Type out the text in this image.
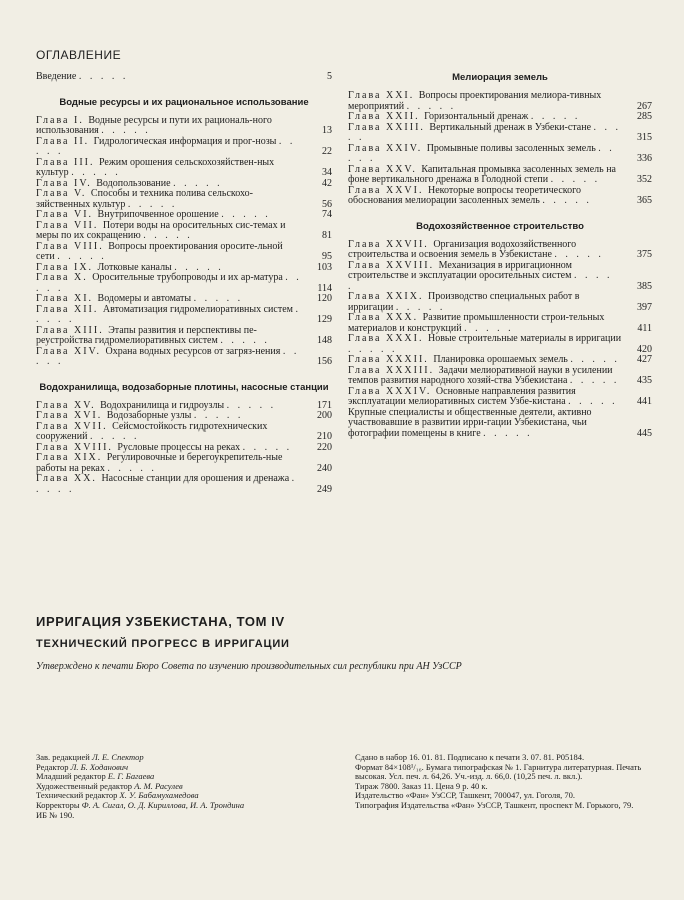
ОГЛАВЛЕНИЕ
Введение . . . . .	5
Водные ресурсы и их рациональное использование
Глава I. Водные ресурсы и пути их рациональ-ного использования . . . . .	13
Глава II. Гидрологическая информация и прог-нозы . . . . .	22
Глава III. Режим орошения сельскохозяйствен-ных культур . . . . .	34
Глава IV. Водопользование . . . . .	42
Глава V. Способы и техника полива сельскохо-зяйственных культур . . . . .	56
Глава VI. Внутрипочвенное орошение . . . . .	74
Глава VII. Потери воды на оросительных сис-темах и меры по их сокращению . . . . .	81
Глава VIII. Вопросы проектирования оросите-льной сети . . . . .	95
Глава IX. Лотковые каналы . . . . .	103
Глава X. Оросительные трубопроводы и их ар-матура . . . . .	114
Глава XI. Водомеры и автоматы . . . . .	120
Глава XII. Автоматизация гидромелиоративных систем . . . . .	129
Глава XIII. Этапы развития и перспективы пе-реустройства гидромелиоративных систем . . . . .	148
Глава XIV. Охрана водных ресурсов от загряз-нения . . . . .	156
Водохранилища, водозаборные плотины, насосные станции
Глава XV. Водохранилища и гидроузлы . . . . .	171
Глава XVI. Водозаборные узлы . . . . .	200
Глава XVII. Сейсмостойкость гидротехнических сооружений . . . . .	210
Глава XVIII. Русловые процессы на реках . . . . .	220
Глава XIX. Регулировочные и берегоукрепитель-ные работы на реках . . . . .	240
Глава XX. Насосные станции для орошения и дренажа . . . . .	249
Мелиорация земель
Глава XXI. Вопросы проектирования мелиора-тивных мероприятий . . . . .	267
Глава XXII. Горизонтальный дренаж . . . . .	285
Глава XXIII. Вертикальный дренаж в Узбеки-стане . . . . .	315
Глава XXIV. Промывные поливы засоленных земель . . . . .	336
Глава XXV. Капитальная промывка засоленных земель на фоне вертикального дренажа в Голодной степи . . . . .	352
Глава XXVI. Некоторые вопросы теоретического обоснования мелиорации засоленных земель . . . . .	365
Водохозяйственное строительство
Глава XXVII. Организация водохозяйственного строительства и освоения земель в Узбекистане . . . . .	375
Глава XXVIII. Механизация в ирригационном строительстве и эксплуатации оросительных систем . . . . .	385
Глава XXIX. Производство специальных работ в ирригации . . . . .	397
Глава XXX. Развитие промышленности строи-тельных материалов и конструкций . . . . .	411
Глава XXXI. Новые строительные материалы в ирригации . . . . .	420
Глава XXXII. Планировка орошаемых земель . . . . . 427
Глава XXXIII. Задачи мелиоративной науки в усилении темпов развития народного хозяй-ства Узбекистана . . . . . 435
Глава XXXIV. Основные направления развития эксплуатации мелиоративных систем Узбе-кистана . . . . .	441
Крупные специалисты и общественные деятели, активно участвовавшие в развитии ирри-гации Узбекистана, чьи фотографии помещены в книге . . . . .	445
ИРРИГАЦИЯ УЗБЕКИСТАНА, ТОМ IV
ТЕХНИЧЕСКИЙ ПРОГРЕСС В ИРРИГАЦИИ
Утверждено к печати Бюро Совета по изучению производительных сил республики при АН УзССР
Зав. редакцией Л. Е. Спектор
Редактор Л. Б. Ходанович
Младший редактор Е. Г. Багаева
Художественный редактор А. М. Расулев
Технический редактор Х. У. Бабамухамедова
Корректоры Ф. А. Сигал, О. Д. Кириллова, И. А. Трондина
ИБ № 190.
Сдано в набор 16. 01. 81. Подписано к печати 3. 07. 81. Р05184.
Формат 84×108¹/₁₆. Бумага типографская № 1. Гарнитура литературная. Печать высокая. Усл. печ. л. 64,26. Уч.-изд. л. 66,0. (10,25 печ. л. вкл.).
Тираж 7800. Заказ 11. Цена 9 р. 40 к.
Издательство «Фан» УзССР, Ташкент, 700047, ул. Гоголя, 70.
Типография Издательства «Фан» УзССР, Ташкент, проспект М. Горького, 79.
